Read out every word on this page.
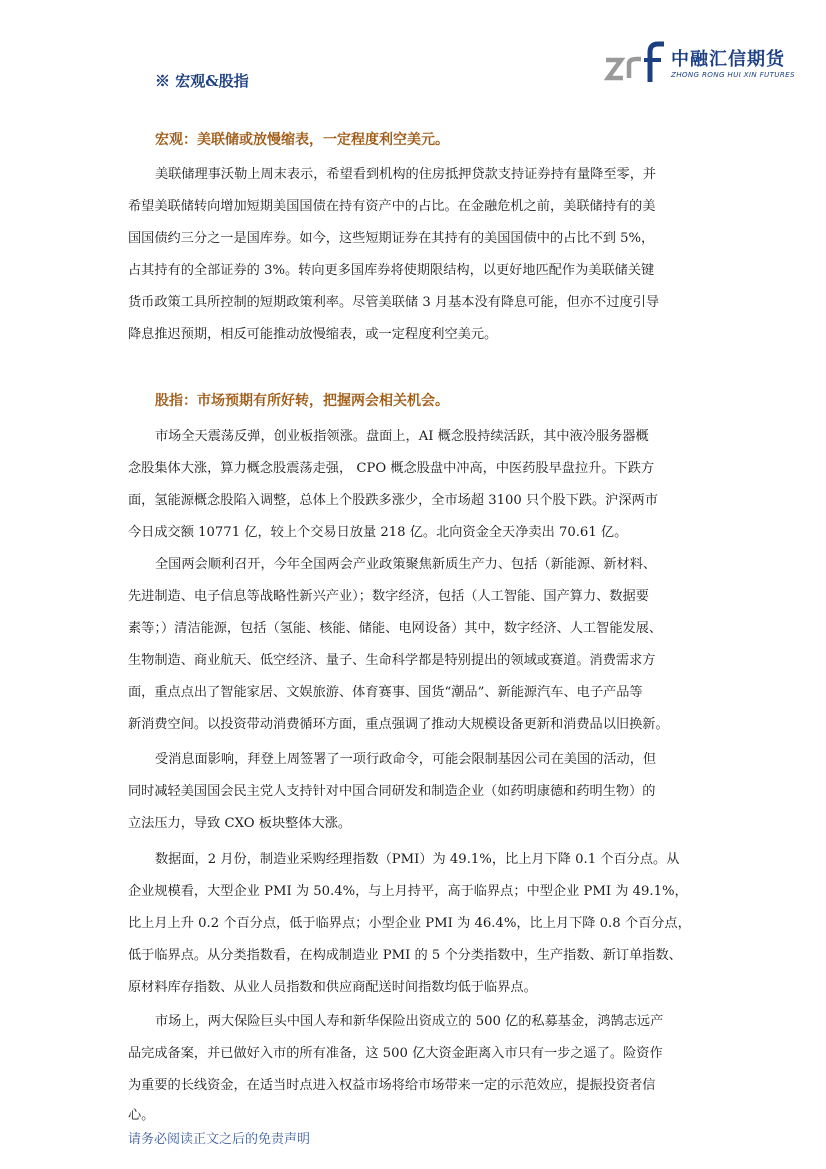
中融汇信期货
ZHONG RONG HUI XIN FUTURES
※ 宏观&股指
宏观：美联储或放慢缩表，一定程度利空美元。
美联储理事沃勒上周末表示，希望看到机构的住房抵押贷款支持证券持有量降至零，并
希望美联储转向增加短期美国国债在持有资产中的占比。在金融危机之前，美联储持有的美
国国债约三分之一是国库券。如今，这些短期证券在其持有的美国国债中的占比不到 5%，
占其持有的全部证券的 3%。转向更多国库券将使期限结构，以更好地匹配作为美联储关键
货币政策工具所控制的短期政策利率。尽管美联储 3 月基本没有降息可能，但亦不过度引导
降息推迟预期，相反可能推动放慢缩表，或一定程度利空美元。
股指：市场预期有所好转，把握两会相关机会。
市场全天震荡反弹，创业板指领涨。盘面上，AI 概念股持续活跃，其中液冷服务器概
念股集体大涨，算力概念股震荡走强， CPO 概念股盘中冲高，中医药股早盘拉升。下跌方
面，氢能源概念股陷入调整，总体上个股跌多涨少，全市场超 3100 只个股下跌。沪深两市
今日成交额 10771 亿，较上个交易日放量 218 亿。北向资金全天净卖出 70.61 亿。
全国两会顺利召开，今年全国两会产业政策聚焦新质生产力、包括（新能源、新材料、
先进制造、电子信息等战略性新兴产业）；数字经济，包括（人工智能、国产算力、数据要
素等；）清洁能源，包括（氢能、核能、储能、电网设备）其中，数字经济、人工智能发展、
生物制造、商业航天、低空经济、量子、生命科学都是特别提出的领域或赛道。消费需求方
面，重点点出了智能家居、文娱旅游、体育赛事、国货“潮品”、新能源汽车、电子产品等
新消费空间。以投资带动消费循环方面，重点强调了推动大规模设备更新和消费品以旧换新。
受消息面影响，拜登上周签署了一项行政命令，可能会限制基因公司在美国的活动，但
同时减轻美国国会民主党人支持针对中国合同研发和制造企业（如药明康德和药明生物）的
立法压力，导致 CXO 板块整体大涨。
数据面，2 月份，制造业采购经理指数（PMI）为 49.1%，比上月下降 0.1 个百分点。从
企业规模看，大型企业 PMI 为 50.4%，与上月持平，高于临界点；中型企业 PMI 为 49.1%，
比上月上升 0.2 个百分点，低于临界点；小型企业 PMI 为 46.4%，比上月下降 0.8 个百分点，
低于临界点。从分类指数看，在构成制造业 PMI 的 5 个分类指数中，生产指数、新订单指数、
原材料库存指数、从业人员指数和供应商配送时间指数均低于临界点。
市场上，两大保险巨头中国人寿和新华保险出资成立的 500 亿的私募基金，鸿鹄志远产
品完成备案，并已做好入市的所有准备，这 500 亿大资金距离入市只有一步之遥了。险资作
为重要的长线资金，在适当时点进入权益市场将给市场带来一定的示范效应，提振投资者信
心。
请务必阅读正文之后的免责声明
